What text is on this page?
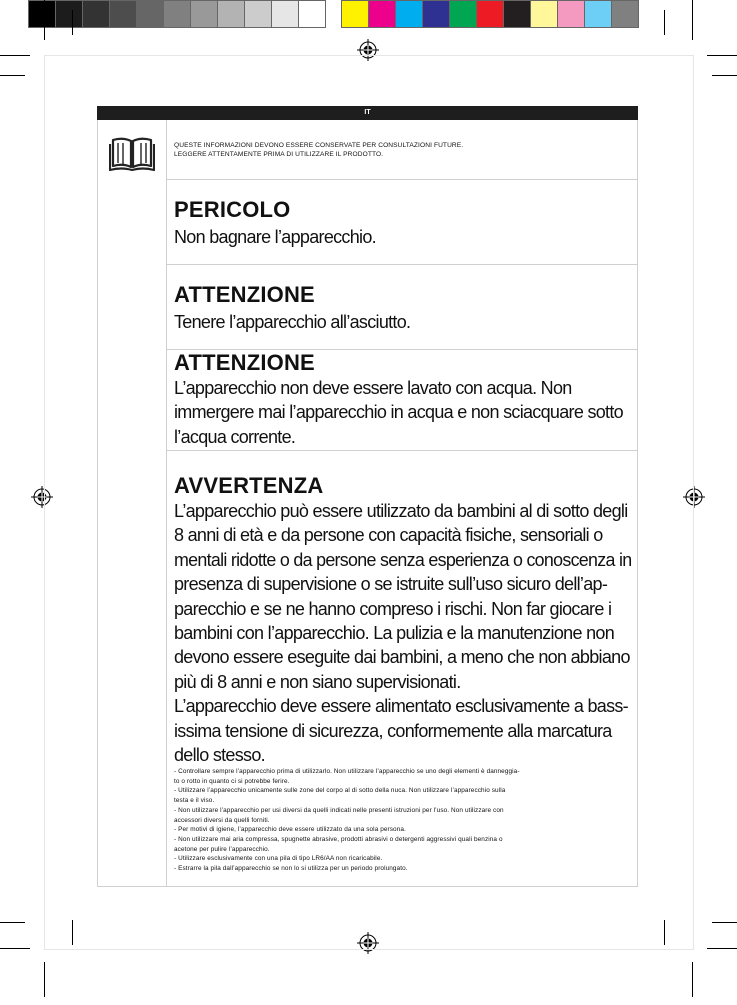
IT
QUESTE INFORMAZIONI DEVONO ESSERE CONSERVATE PER CONSULTAZIONI FUTURE.
LEGGERE ATTENTAMENTE PRIMA DI UTILIZZARE IL PRODOTTO.
PERICOLO

Non bagnare l’apparecchio.

ATTENZIONE

Tenere l’apparecchio all’asciutto.

ATTENZIONE

L’apparecchio non deve essere lavato con acqua. Non

immergere mai l’apparecchio in acqua e non sciacquare sotto

l’acqua corrente.

AVVERTENZA

L’apparecchio può essere utilizzato da bambini al di sotto degli

8 anni di età e da persone con capacità fisiche, sensoriali o

mentali ridotte o da persone senza esperienza o conoscenza in

presenza di supervisione o se istruite sull’uso sicuro dell’ap-

parecchio e se ne hanno compreso i rischi. Non far giocare i

bambini con l’apparecchio. La pulizia e la manutenzione non

devono essere eseguite dai bambini, a meno che non abbiano

più di 8 anni e non siano supervisionati.

L’apparecchio deve essere alimentato esclusivamente a bass-

issima tensione di sicurezza, conformemente alla marcatura

dello stesso.

- Controllare sempre l’apparecchio prima di utilizzarlo. Non utilizzare l’apparecchio se uno degli elementi è danneggia-

to o rotto in quanto ci si potrebbe ferire.

- Utilizzare l’apparecchio unicamente sulle zone del corpo al di sotto della nuca. Non utilizzare l’apparecchio sulla

testa e il viso.

- Non utilizzare l’apparecchio per usi diversi da quelli indicati nelle presenti istruzioni per l’uso. Non utilizzare con

accessori diversi da quelli forniti.

- Per motivi di igiene, l’apparecchio deve essere utilizzato da una sola persona.

- Non utilizzare mai aria compressa, spugnette abrasive, prodotti abrasivi o detergenti aggressivi quali benzina o

acetone per pulire l’apparecchio.

- Utilizzare esclusivamente con una pila di tipo LR6/AA non ricaricabile.

- Estrarre la pila dall’apparecchio se non lo si utilizza per un periodo prolungato.
